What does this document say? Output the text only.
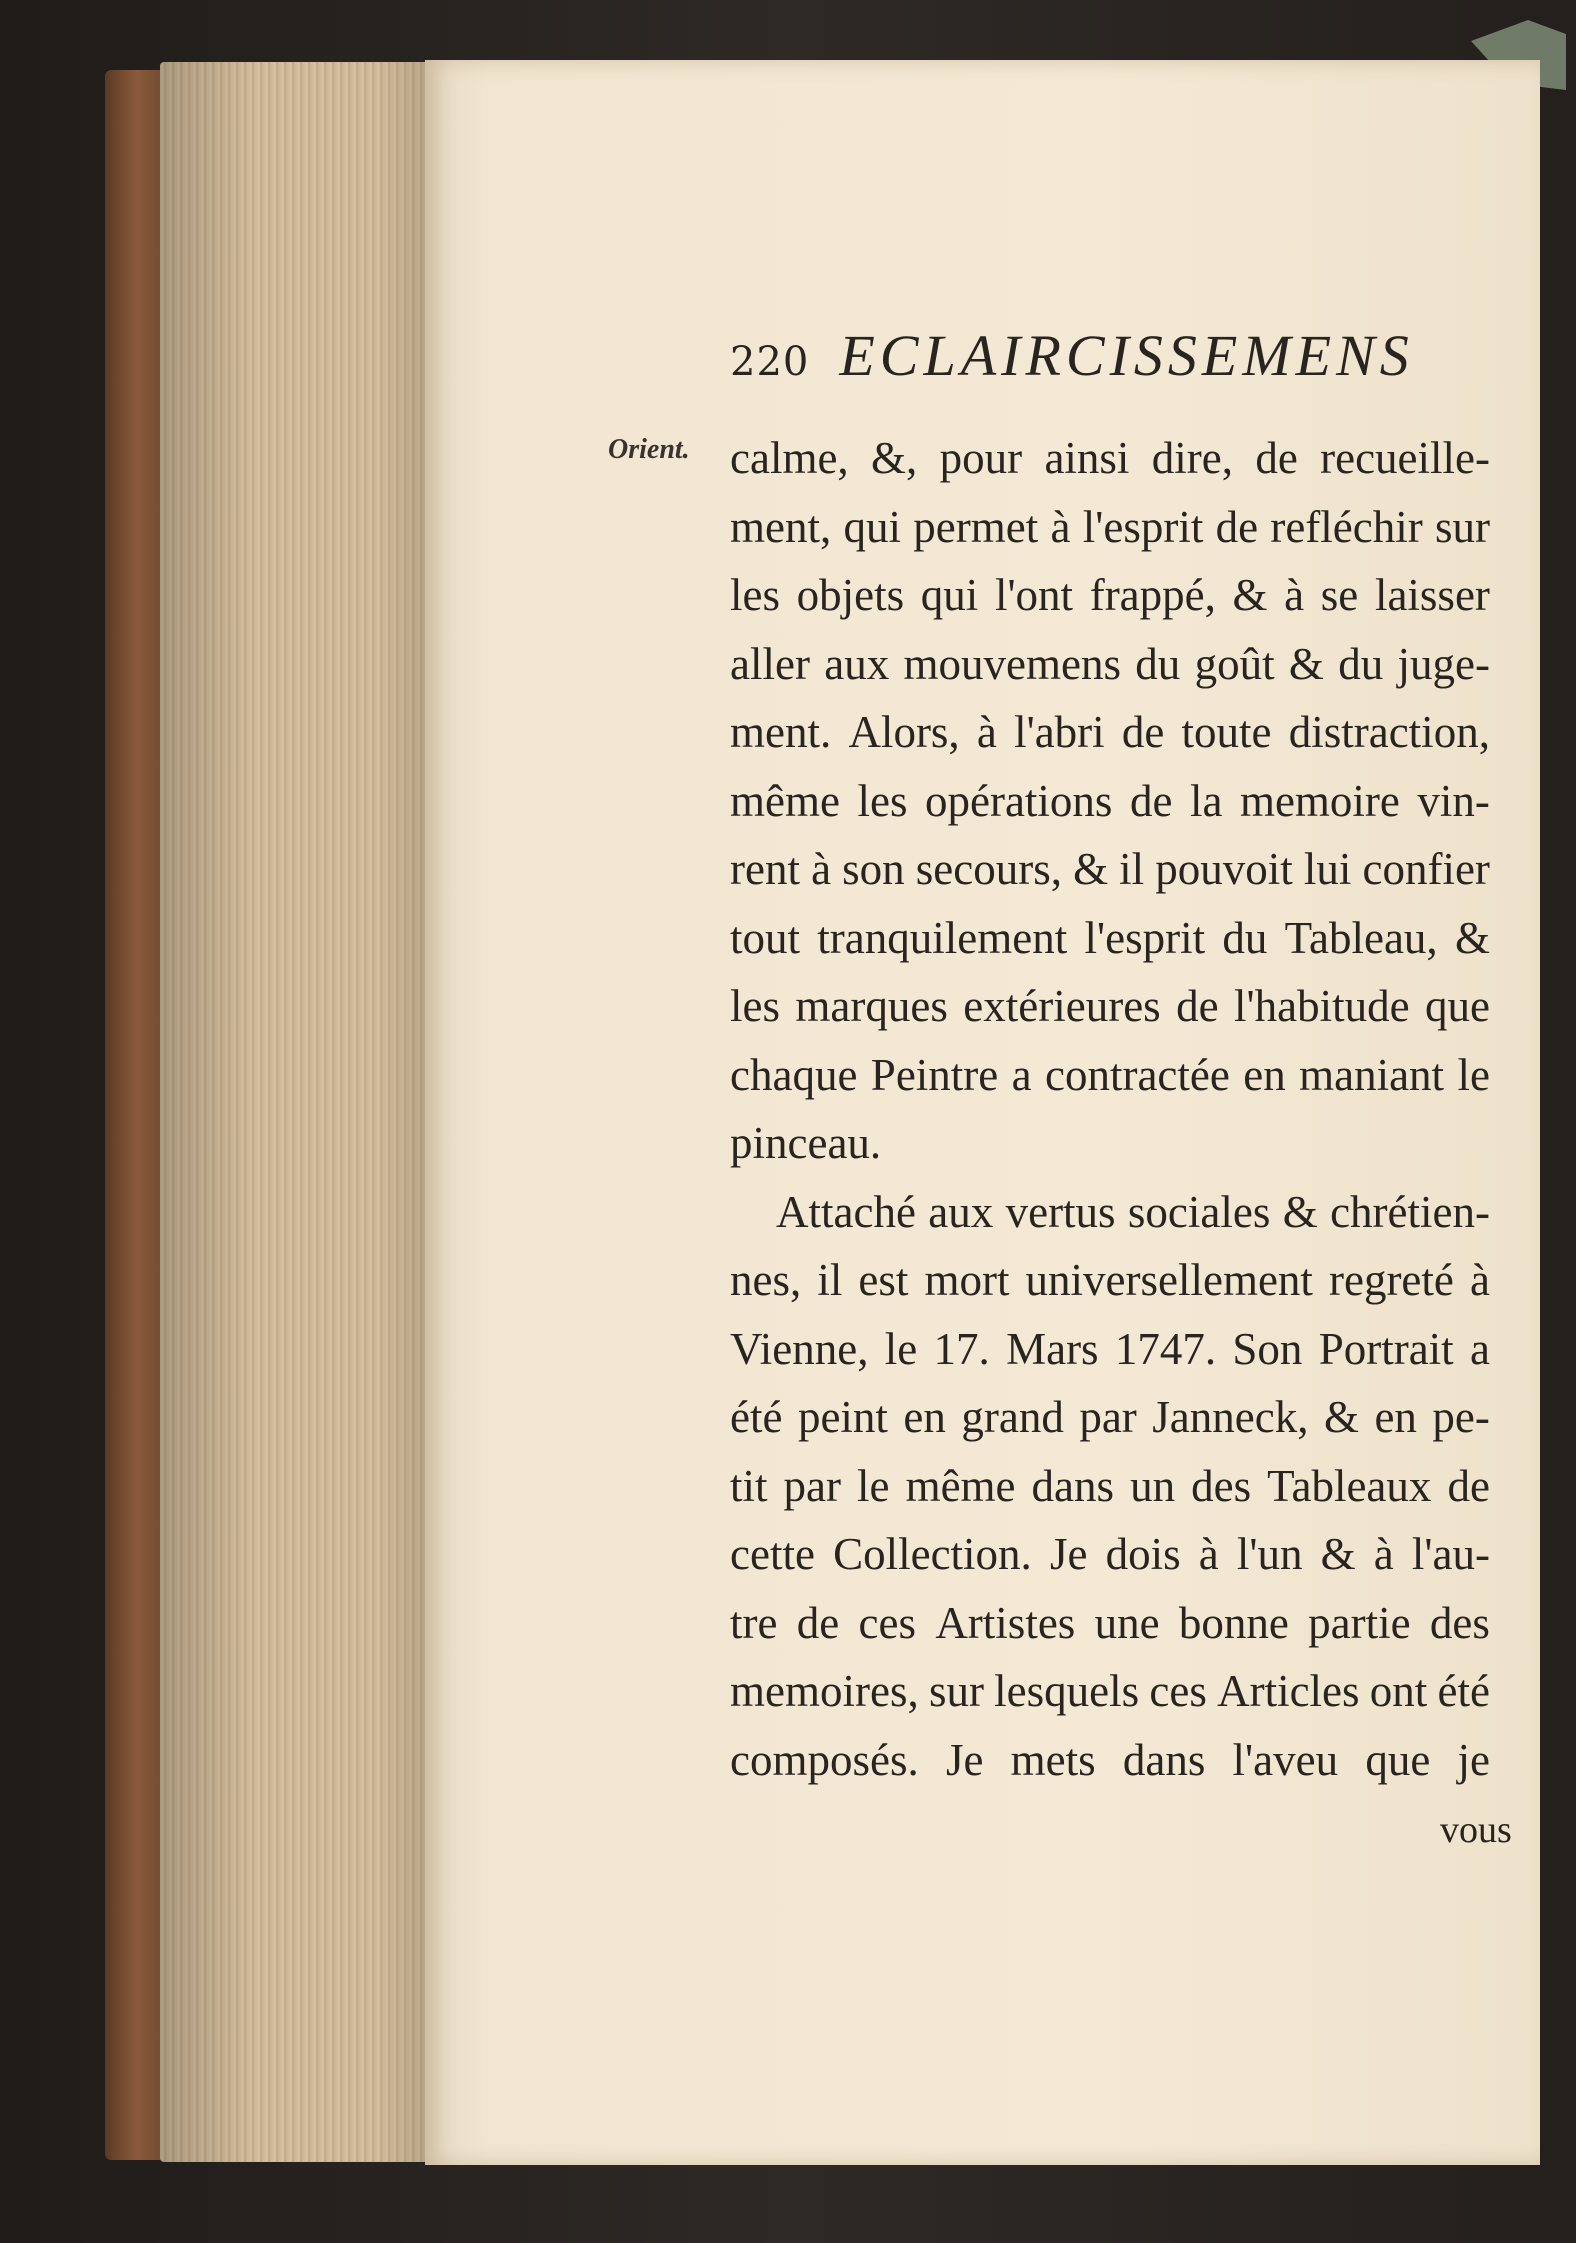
220 ECLAIRCISSEMENS
Orient. calme, &, pour ainsi dire, de recueille-
ment, qui permet à l'esprit de refléchir sur
les objets qui l'ont frappé, & à se laisser
aller aux mouvemens du goût & du juge-
ment. Alors, à l'abri de toute distraction,
même les opérations de la memoire vin-
rent à son secours, & il pouvoit lui confier
tout tranquilement l'esprit du Tableau, &
les marques extérieures de l'habitude que
chaque Peintre a contractée en maniant le
pinceau.
Attaché aux vertus sociales & chrétien-
nes, il est mort universellement regreté à
Vienne, le 17. Mars 1747. Son Portrait a
été peint en grand par Janneck, & en pe-
tit par le même dans un des Tableaux de
cette Collection. Je dois à l'un & à l'au-
tre de ces Artistes une bonne partie des
memoires, sur lesquels ces Articles ont été
composés. Je mets dans l'aveu que je
vous
